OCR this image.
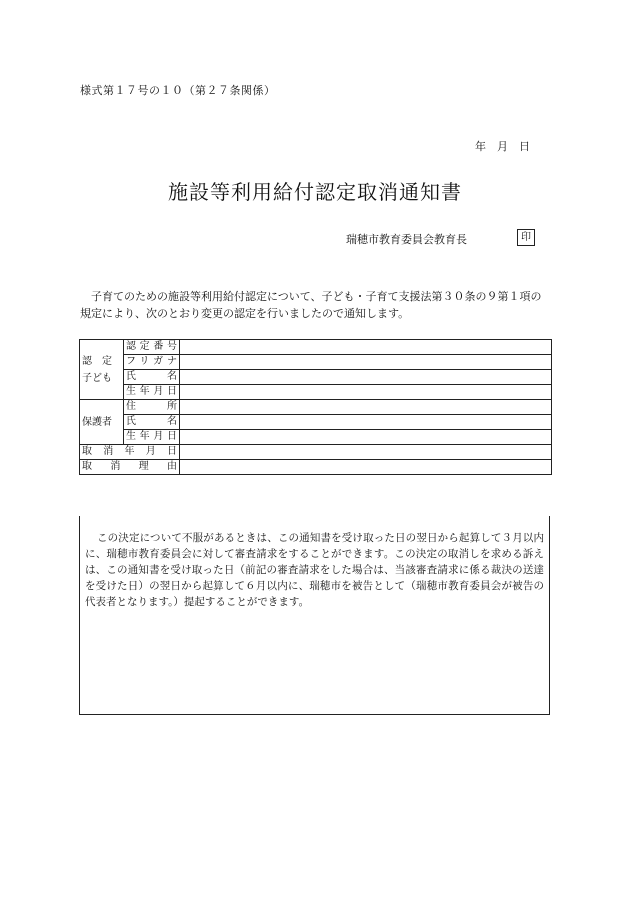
様式第１７号の１０（第２７条関係）
年　月　日
施設等利用給付認定取消通知書
瑞穂市教育委員会教育長	印
子育てのための施設等利用給付認定について、子ども・子育て支援法第３０条の９第１項の規定により、次のとおり変更の認定を行いましたので通知します。
認　定
子ども	認定番号	
	フリガナ	
	氏　名	
	生年月日	
保護者	住　所	
	氏　名	
	生年月日	
取消年月日		
取消理由		

この決定について不服があるときは、この通知書を受け取った日の翌日から起算して３月以内に、瑞穂市教育委員会に対して審査請求をすることができます。この決定の取消しを求める訴えは、この通知書を受け取った日（前記の審査請求をした場合は、当該審査請求に係る裁決の送達を受けた日）の翌日から起算して６月以内に、瑞穂市を被告として（瑞穂市教育委員会が被告の代表者となります。）提起することができます。
